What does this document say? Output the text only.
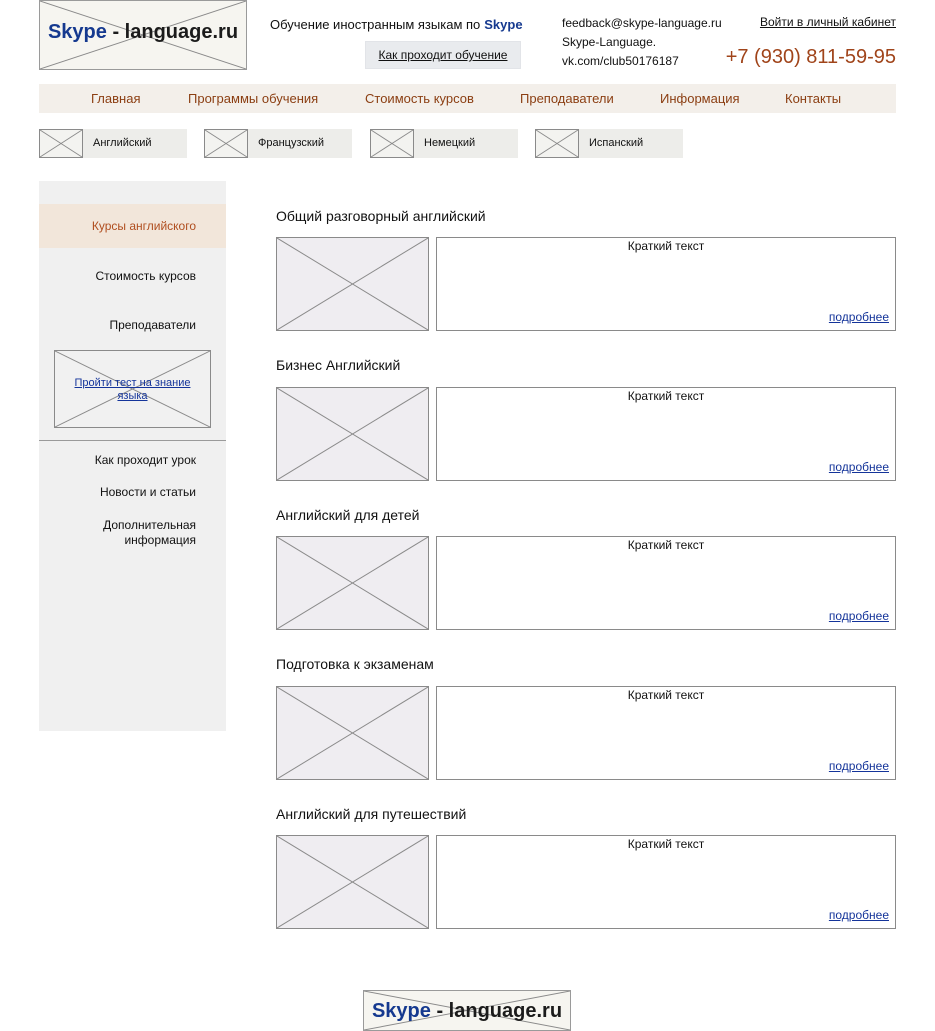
Skype - language.ru	Обучение иностранным языкам по Skype
Как проходит обучение
feedback@skype-language.ru
Skype-Language.
vk.com/club50176187
Войти в личный кабинет
+7 (930) 811-59-95
Главная	Программы обучения	Стоимость курсов	Преподаватели	Информация	Контакты
Английский	Французский	Немецкий	Испанский
Курсы английского
Стоимость курсов
Преподаватели
Пройти тест на знание языка
Как проходит урок
Новости и статьи
Дополнительная информация
Общий разговорный английский
Краткий текст
подробнее
Бизнес Английский
Краткий текст
подробнее
Английский для детей
Краткий текст
подробнее
Подготовка к экзаменам
Краткий текст
подробнее
Английский для путешествий
Краткий текст
подробнее
Skype - language.ru
